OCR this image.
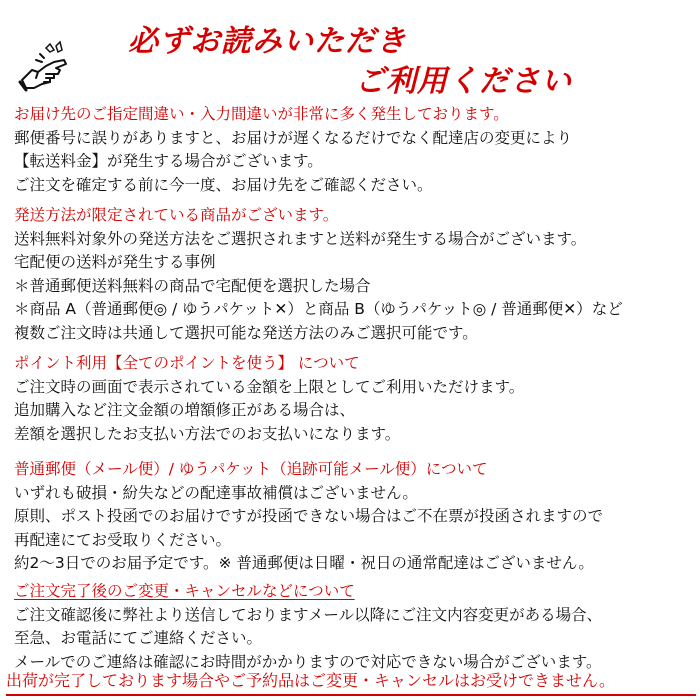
必ずお読みいただき
ご利用ください
お届け先のご指定間違い・入力間違いが非常に多く発生しております。
郵便番号に誤りがありますと、お届けが遅くなるだけでなく配達店の変更により
【転送料金】が発生する場合がございます。
ご注文を確定する前に今一度、お届け先をご確認ください。
発送方法が限定されている商品がございます。
送料無料対象外の発送方法をご選択されますと送料が発生する場合がございます。
宅配便の送料が発生する事例
＊普通郵便送料無料の商品で宅配便を選択した場合
＊商品 A（普通郵便◎ / ゆうパケット✕）と商品 B（ゆうパケット◎ / 普通郵便✕）など
複数ご注文時は共通して選択可能な発送方法のみご選択可能です。
ポイント利用【全てのポイントを使う】 について
ご注文時の画面で表示されている金額を上限としてご利用いただけます。
追加購入など注文金額の増額修正がある場合は、
差額を選択したお支払い方法でのお支払いになります。
普通郵便（メール便）/ ゆうパケット（追跡可能メール便）について
いずれも破損・紛失などの配達事故補償はございません。
原則、ポスト投函でのお届けですが投函できない場合はご不在票が投函されますので
再配達にてお受取りください。
約2～3日でのお届予定です。※ 普通郵便は日曜・祝日の通常配達はございません。
ご注文完了後のご変更・キャンセルなどについて
ご注文確認後に弊社より送信しておりますメール以降にご注文内容変更がある場合、
至急、お電話にてご連絡ください。
メールでのご連絡は確認にお時間がかかりますので対応できない場合がございます。
出荷が完了しております場合やご予約品はご変更・キャンセルはお受けできません。
